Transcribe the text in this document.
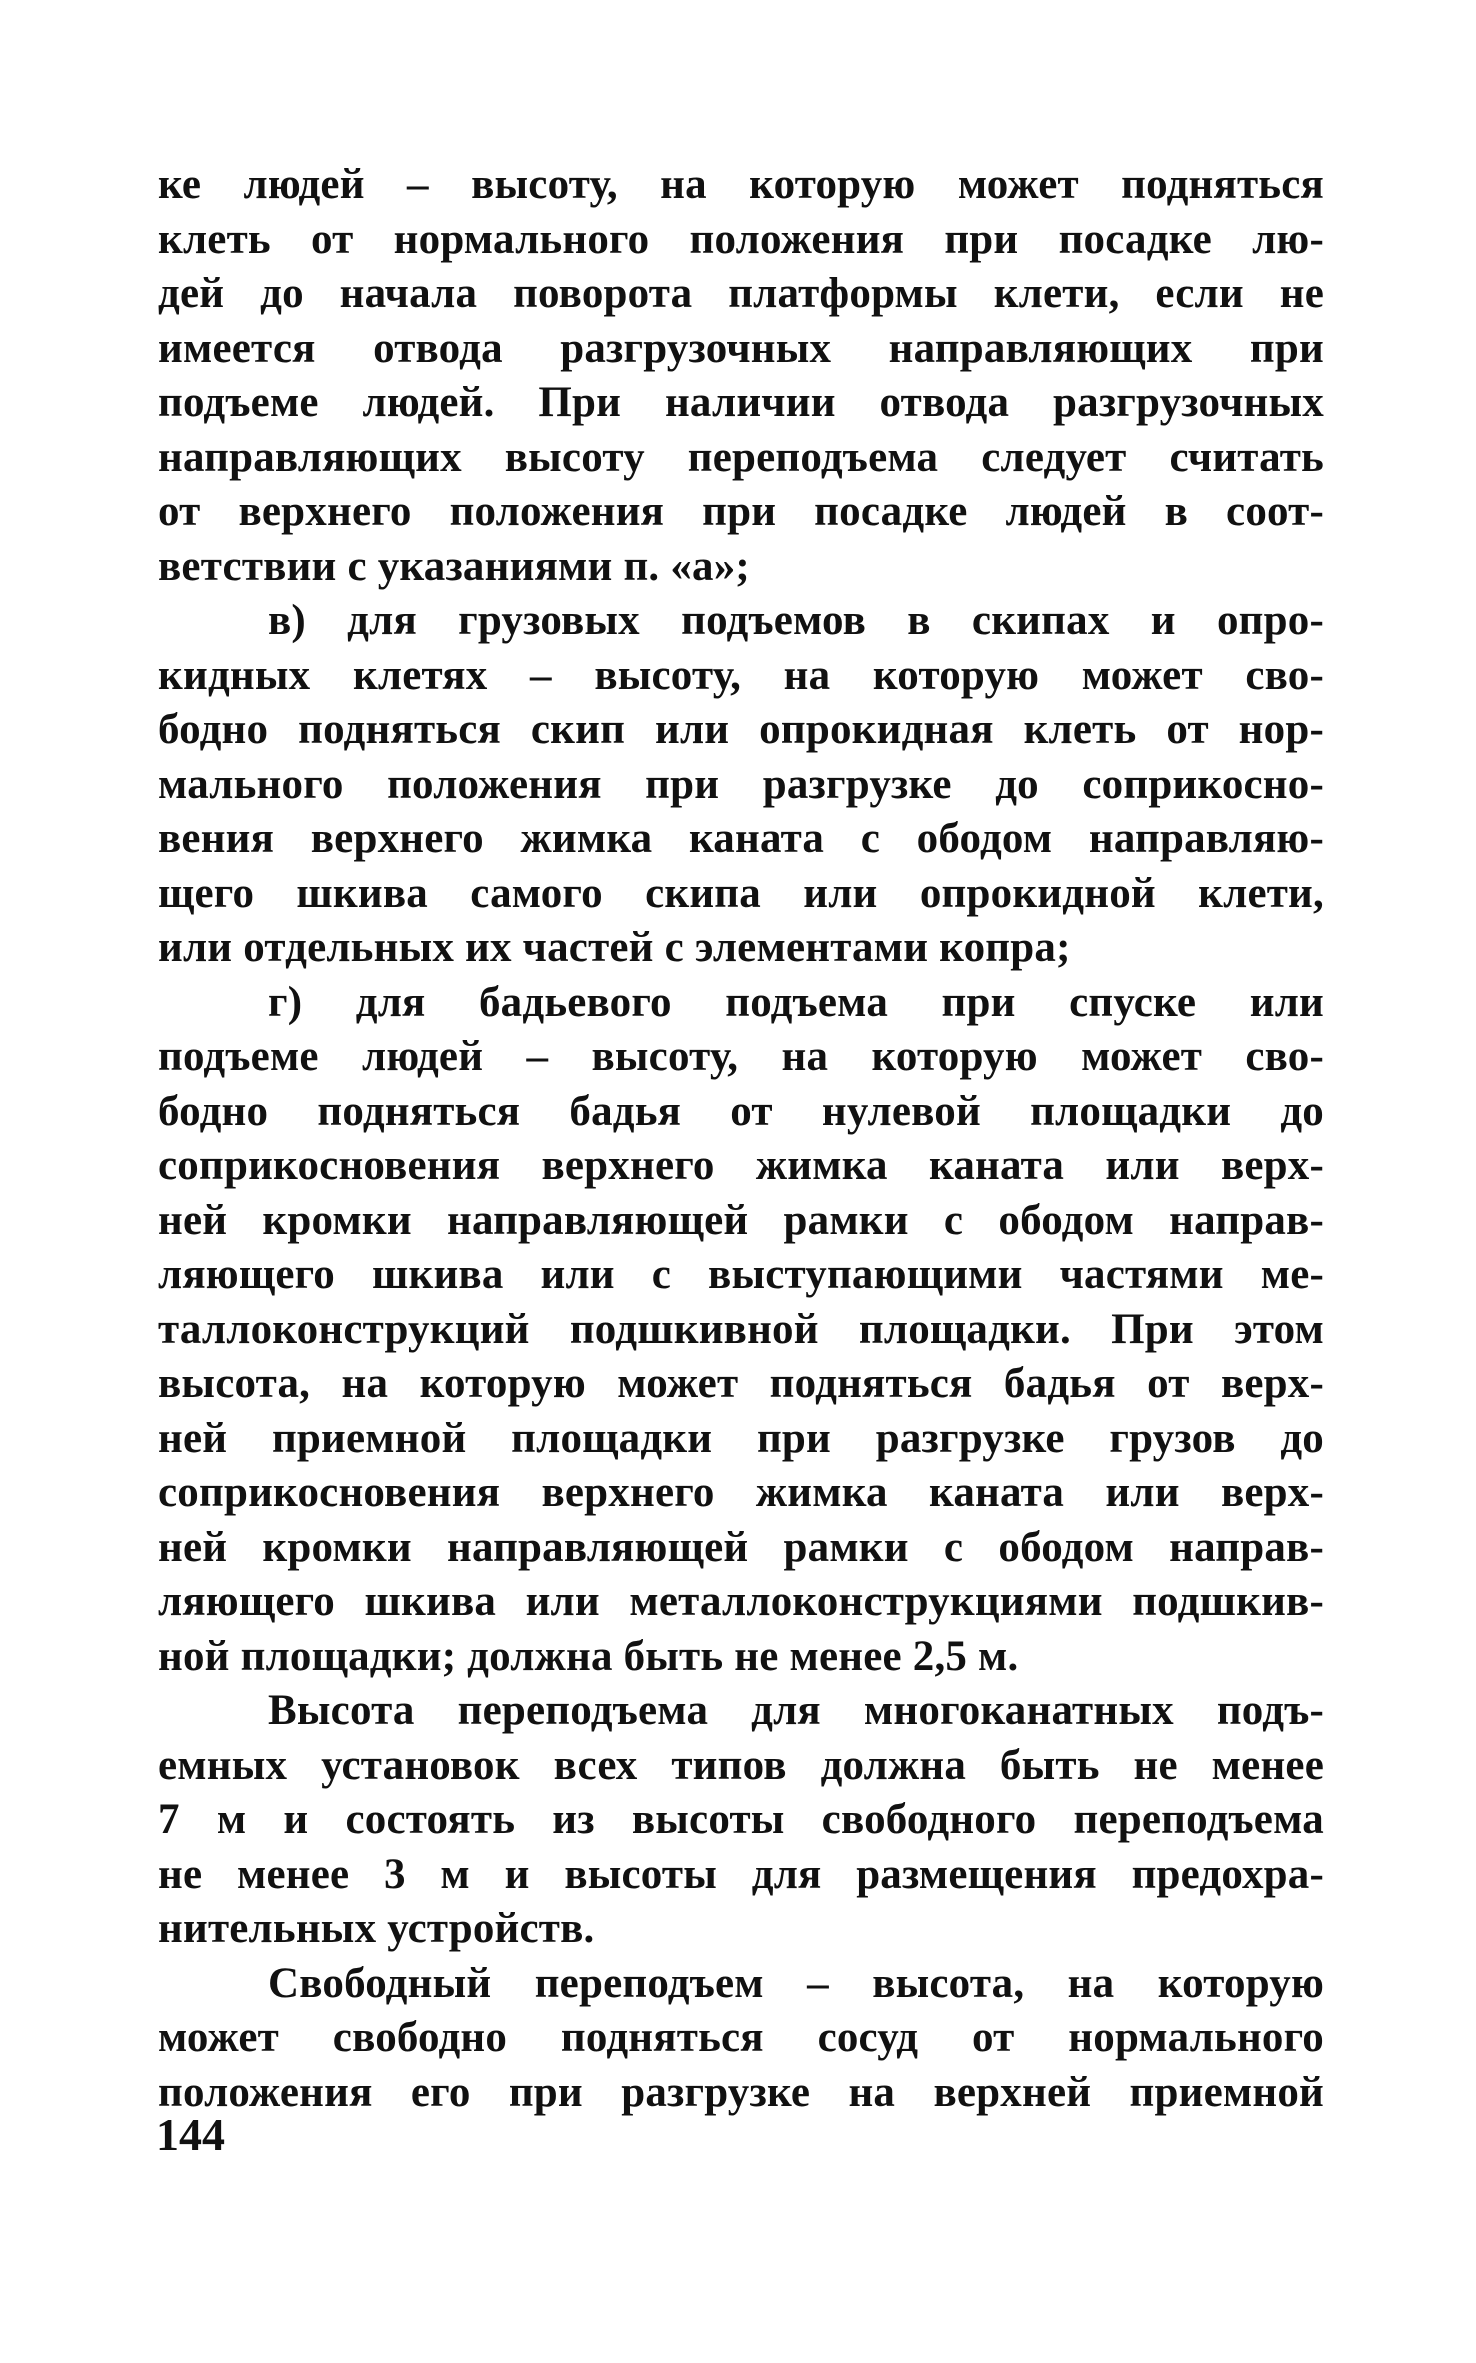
ке людей – высоту, на которую может подняться
клеть от нормального положения при посадке лю-
дей до начала поворота платформы клети, если не
имеется отвода разгрузочных направляющих при
подъеме людей. При наличии отвода разгрузочных
направляющих высоту переподъема следует считать
от верхнего положения при посадке людей в соот-
ветствии с указаниями п. «а»;
в) для грузовых подъемов в скипах и опро-
кидных клетях – высоту, на которую может сво-
бодно подняться скип или опрокидная клеть от нор-
мального положения при разгрузке до соприкосно-
вения верхнего жимка каната с ободом направляю-
щего шкива самого скипа или опрокидной клети,
или отдельных их частей с элементами копра;
г) для бадьевого подъема при спуске или
подъеме людей – высоту, на которую может сво-
бодно подняться бадья от нулевой площадки до
соприкосновения верхнего жимка каната или верх-
ней кромки направляющей рамки с ободом направ-
ляющего шкива или с выступающими частями ме-
таллоконструкций подшкивной площадки. При этом
высота, на которую может подняться бадья от верх-
ней приемной площадки при разгрузке грузов до
соприкосновения верхнего жимка каната или верх-
ней кромки направляющей рамки с ободом направ-
ляющего шкива или металлоконструкциями подшкив-
ной площадки; должна быть не менее 2,5 м.
Высота переподъема для многоканатных подъ-
емных установок всех типов должна быть не менее
7 м и состоять из высоты свободного переподъема
не менее 3 м и высоты для размещения предохра-
нительных устройств.
Свободный переподъем – высота, на которую
может свободно подняться сосуд от нормального
положения его при разгрузке на верхней приемной
144
